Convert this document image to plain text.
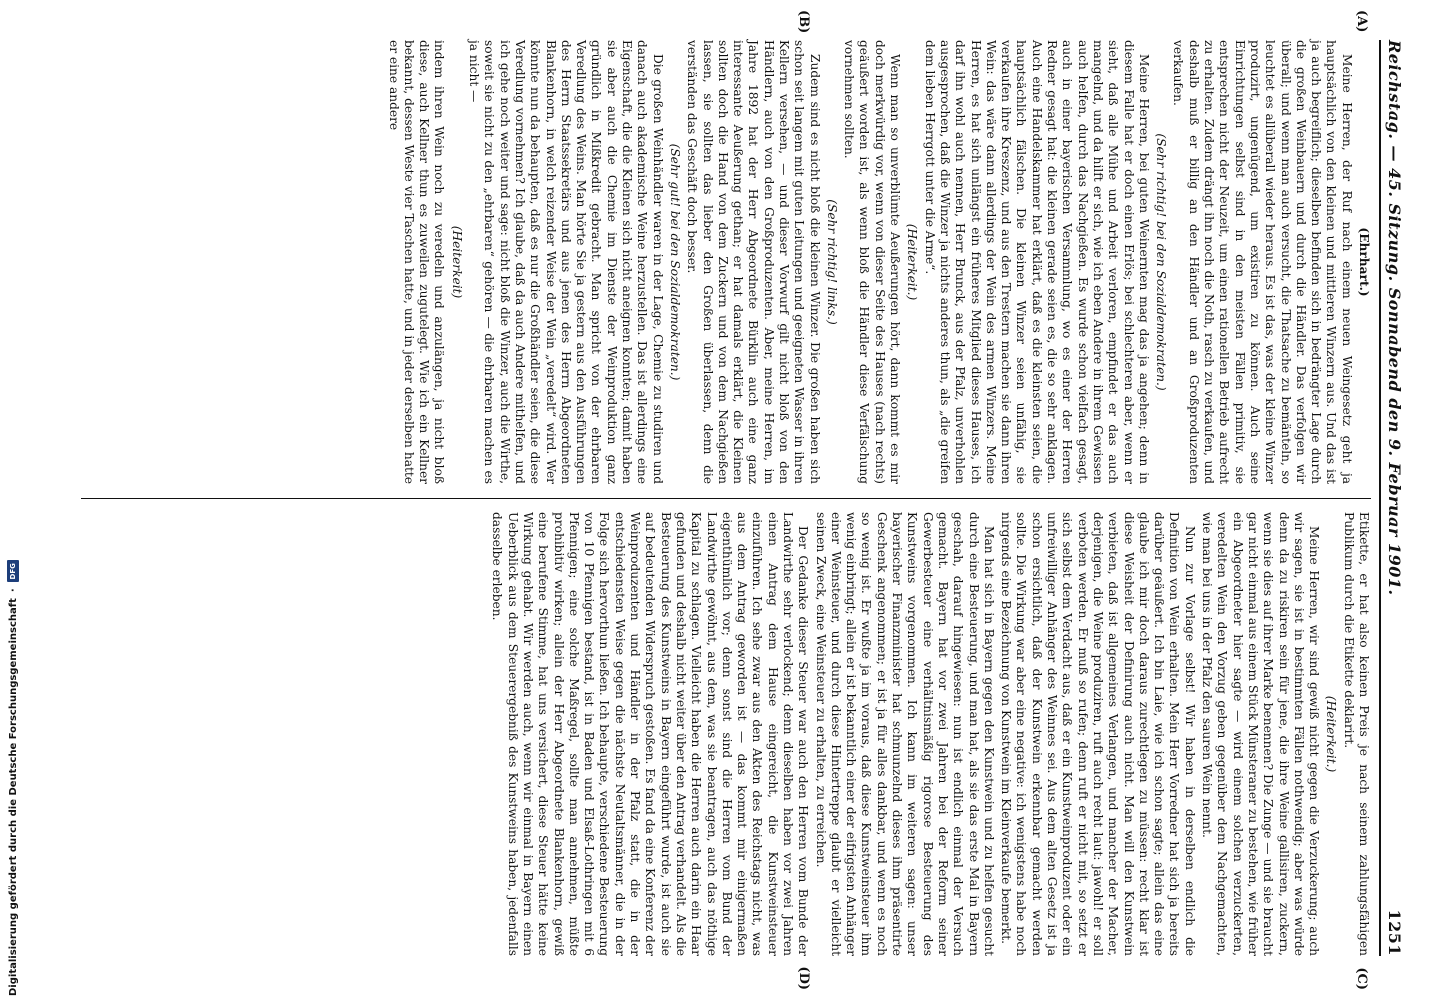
Reichstag. — 45. Sitzung. Sonnabend den 9. Februar 1901.
1251
(A)
(B)

(Ehrhart.)

Meine Herren, der Ruf nach einem neuen Weingesetz geht ja hauptsächlich von den kleinen und mittleren Winzern aus. Und das ist ja auch begreiflich; dieselben befinden sich in bedrängter Lage durch die großen Weinbauern und durch die Händler. Das verfolgen wir überall; und wenn man auch versucht, die Thatsache zu bemänteln, so leuchtet es allüberall wieder heraus. Es ist das, was der kleine Winzer produzirt, ungenügend, um existiren zu können. Auch seine Einrichtungen selbst sind in den meisten Fällen primitiv, sie entsprechen nicht der Neuzeit, um einen rationellen Betrieb aufrecht zu erhalten. Zudem drängt ihn noch die Noth, rasch zu verkaufen, und deshalb muß er billig an den Händler und an Großproduzenten verkaufen.

(Sehr richtig! bei den Sozialdemokraten.)

Meine Herren, bei guten Weinernten mag das ja angehen; denn in diesem Falle hat er doch einen Erlös; bei schlechteren aber, wenn er sieht, daß alle Mühe und Arbeit verloren, empfindet er das auch mangelnd, und da hilft er sich, wie ich eben Andere in ihrem Gewissen auch helfen, durch das Nachgießen. Es wurde schon vielfach gesagt, auch in einer bayerischen Versammlung, wo es einer der Herren Redner gesagt hat: die kleinen gerade seien es, die so sehr anklagen. Auch eine Handelskammer hat erklärt, daß es die kleinsten seien, die hauptsächlich fälschen. Die kleinen Winzer seien unfähig, sie verkaufen ihre Kreszenz, und aus den Trestern machen sie dann ihren Wein: das wäre dann allerdings der Wein des armen Winzers. Meine Herren, es hat sich unlängst ein früheres Mitglied dieses Hauses, ich darf ihn wohl auch nennen, Herr Brunck, aus der Pfalz, unverhohlen ausgesprochen, daß die Winzer ja nichts anderes thun, als „die greifen dem lieben Herrgott unter die Arme“.

(Heiterkeit.)

Wenn man so unverblümte Aeußerungen hört, dann kommt es mir doch merkwürdig vor, wenn von dieser Seite des Hauses (nach rechts) geäußert worden ist, als wenn bloß die Händler diese Verfälschung vornehmen sollten.

(Sehr richtig! links.)

Zudem sind es nicht bloß die kleinen Winzer. Die großen haben sich schon seit langem mit guten Leitungen und geeigneten Wasser in ihren Kellern versehen, — und dieser Vorwurf gilt nicht bloß von den Händlern, auch von den Großproduzenten. Aber, meine Herren, im Jahre 1892 hat der Herr Abgeordnete Bürklin auch eine ganz interessante Aeußerung gethan; er hat damals erklärt, die Kleinen sollten doch die Hand von dem Zuckern und von dem Nachgießen lassen, sie sollten das lieber den Großen überlassen, denn die verständen das Geschäft doch besser.

(Sehr gut! bei den Sozialdemokraten.)

Die großen Weinhändler waren in der Lage, Chemie zu studiren und danach auch akademische Weine herzustellen. Das ist allerdings eine Eigenschaft, die die Kleinen sich nicht aneignen konnten; damit haben sie aber auch die Chemie im Dienste der Weinproduktion ganz gründlich in Mißkredit gebracht. Man spricht von der ehrbaren Veredlung des Weins. Man hörte Sie ja gestern aus den Ausführungen des Herrn Staatssekretärs und aus jenen des Herrn Abgeordneten Blankenhorn, in welch reizender Weise der Wein „veredelt“ wird. Wer könnte nun da behaupten, daß es nur die Großhändler seien, die diese Veredlung vornehmen? Ich glaube, daß da auch Andere mithelfen, und ich gehe noch weiter und sage: nicht bloß die Winzer, auch die Wirthe, soweit sie nicht zu den „ehrbaren“ gehören — die ehrbaren machen es ja nicht —

(Heiterkeit)

indem ihren Wein noch zu veredeln und anzulängen, ja nicht bloß diese, auch Kellner thun es zuweilen zugutelegt. Wie ich ein Kellner bekannt, dessen Weste vier Taschen hatte, und in jeder derselben hatte er eine andere

(C)
(D)

Etikette, er hat also keinen Preis je nach seinem zahlungsfähigen Publikum durch die Etikette deklarirt.

(Heiterkeit.)

Meine Herren, wir sind gewiß nicht gegen die Verzuckerung; auch wir sagen, sie ist in bestimmten Fällen nothwendig; aber was würde denn da zu riskiren sein für jene, die ihre Weine gallisiren, zuckern, wenn sie dies auf ihrer Marke benennen? Die Zunge — und sie braucht gar nicht einmal aus einem Stück Münsteraner zu bestehen, wie früher ein Abgeordneter hier sagte — wird einem solchen verzuckerten, veredelten Wein den Vorzug geben gegenüber dem Nachgemachten, wie man bei uns in der Pfalz den sauren Wein nennt.

Nun zur Vorlage selbst! Wir haben in derselben endlich die Definition von Wein erhalten. Mein Herr Vorredner hat sich ja bereits darüber geäußert. Ich bin Laie, wie ich schon sagte; allein das eine glaube ich mir doch daraus zurechtlegen zu müssen: recht klar ist diese Weisheit der Definirung auch nicht. Man will den Kunstwein verbieten, daß ist allgemeines Verlangen, und mancher der Macher, derjenigen, die Weine produziren, ruft auch recht laut: jawohl! er soll verboten werden. Er muß so rufen; denn ruft er nicht mit, so setzt er sich selbst dem Verdacht aus, daß er ein Kunstweinproduzent oder ein unfreiwilliger Anhänger des Weinnes sei. Aus dem alten Gesetz ist ja schon ersichtlich, daß der Kunstwein erkennbar gemacht werden sollte. Die Wirkung war aber eine negative: ich wenigstens habe noch nirgends eine Bezeichnung von Kunstwein im Kleinverkaufe bemerkt.

Man hat sich in Bayern gegen den Kunstwein und zu helfen gesucht durch eine Besteuerung, und man hat, als sie das erste Mal in Bayern geschah, darauf hingewiesen: nun ist endlich einmal der Versuch gemacht. Bayern hat vor zwei Jahren bei der Reform seiner Gewerbesteuer eine verhältnismäßig rigorose Besteuerung des Kunstweins vorgenommen. Ich kann im weiteren sagen: unser bayerischer Finanzminister hat schmunzelnd dieses ihm präsentirte Geschenk angenommen; er ist ja für alles dankbar, und wenn es noch so wenig ist. Er wußte ja im voraus, daß diese Kunstweinsteuer ihm wenig einbringt; allein er ist bekanntlich einer der eifrigsten Anhänger einer Weinsteuer, und durch diese Hintertreppe glaubt er vielleicht seinen Zweck, eine Weinsteuer zu erhalten, zu erreichen.

Der Gedanke dieser Steuer war auch den Herren vom Bunde der Landwirthe sehr verlockend; denn dieselben haben vor zwei Jahren einen Antrag dem Hause eingereicht, die Kunstweinsteuer einzuführen. Ich sehe zwar aus den Akten des Reichstags nicht, was aus dem Antrag geworden ist — das kommt mir einigermaßen eigenthümlich vor; denn sonst sind die Herren vom Bund der Landwirthe gewöhnt, aus dem, was sie beantragen, auch das nöthige Kapital zu schlagen. Vielleicht haben die Herren auch darin ein Haar gefunden und deshalb nicht weiter über den Antrag verhandelt. Als die Besteuerung des Kunstweins in Bayern eingeführt wurde, ist auch sie auf bedeutenden Widerspruch gestoßen. Es fand da eine Konferenz der Weinproduzenten und Händler in der Pfalz statt, die in der entschiedensten Weise gegen die nächste Neutaltsmänner, die in der Folge sich hervorthun ließen. Ich behaupte, verschiedene Besteuerung von 10 Pfennigen bestand, ist in Baden und Elsaß-Lothringen mit 6 Pfennigen; eine solche Maßregel, sollte man annehmen, müßte prohibitiv wirken; allein der Herr Abgeordnete Blankenhorn, gewiß eine berufene Stimme, hat uns versichert, diese Steuer hätte keine Wirkung gehabt. Wir werden auch, wenn wir einmal in Bayern einen Ueberblick aus dem Steuerergebniß des Kunstweins haben, jedenfalls dasselbe erleben.

Digitalisierung gefördert durch die Deutsche Forschungsgemeinschaft
·
DFG
